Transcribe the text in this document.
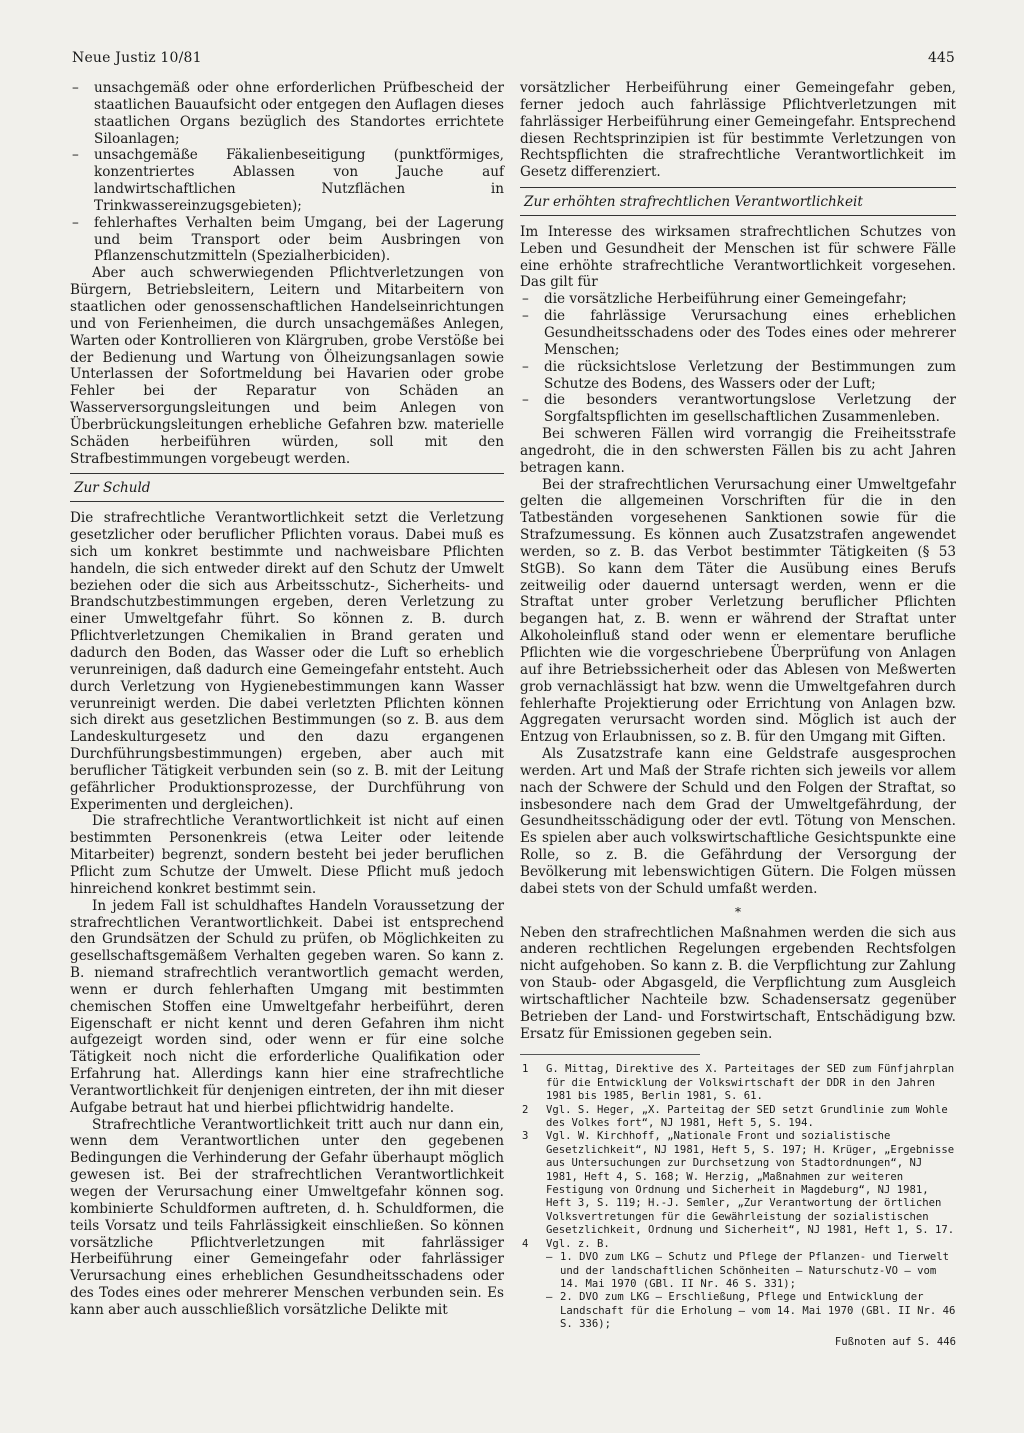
Neue Justiz 10/81	445
– unsachgemäß oder ohne erforderlichen Prüfbescheid der staatlichen Bauaufsicht oder entgegen den Auflagen dieses staatlichen Organs bezüglich des Standortes errichtete Siloanlagen;
– unsachgemäße Fäkalienbeseitigung (punktförmiges, konzentriertes Ablassen von Jauche auf landwirtschaftlichen Nutzflächen in Trinkwassereinzugsgebieten);
– fehlerhaftes Verhalten beim Umgang, bei der Lagerung und beim Transport oder beim Ausbringen von Pflanzenschutzmitteln (Spezialherbiciden).

Aber auch schwerwiegenden Pflichtverletzungen von Bürgern, Betriebsleitern, Leitern und Mitarbeitern von staatlichen oder genossenschaftlichen Handelseinrichtungen und von Ferienheimen, die durch unsachgemäßes Anlegen, Warten oder Kontrollieren von Klärgruben, grobe Verstöße bei der Bedienung und Wartung von Ölheizungsanlagen sowie Unterlassen der Sofortmeldung bei Havarien oder grobe Fehler bei der Reparatur von Schäden an Wasserversorgungsleitungen und beim Anlegen von Überbrückungsleitungen erhebliche Gefahren bzw. materielle Schäden herbeiführen würden, soll mit den Strafbestimmungen vorgebeugt werden.

Zur Schuld

Die strafrechtliche Verantwortlichkeit setzt die Verletzung gesetzlicher oder beruflicher Pflichten voraus. Dabei muß es sich um konkret bestimmte und nachweisbare Pflichten handeln, die sich entweder direkt auf den Schutz der Umwelt beziehen oder die sich aus Arbeitsschutz-, Sicherheits- und Brandschutzbestimmungen ergeben, deren Verletzung zu einer Umweltgefahr führt. So können z. B. durch Pflichtverletzungen Chemikalien in Brand geraten und dadurch den Boden, das Wasser oder die Luft so erheblich verunreinigen, daß dadurch eine Gemeingefahr entsteht. Auch durch Verletzung von Hygienebestimmungen kann Wasser verunreinigt werden. Die dabei verletzten Pflichten können sich direkt aus gesetzlichen Bestimmungen (so z. B. aus dem Landeskulturgesetz und den dazu ergangenen Durchführungsbestimmungen) ergeben, aber auch mit beruflicher Tätigkeit verbunden sein (so z. B. mit der Leitung gefährlicher Produktionsprozesse, der Durchführung von Experimenten und dergleichen).

Die strafrechtliche Verantwortlichkeit ist nicht auf einen bestimmten Personenkreis (etwa Leiter oder leitende Mitarbeiter) begrenzt, sondern besteht bei jeder beruflichen Pflicht zum Schutze der Umwelt. Diese Pflicht muß jedoch hinreichend konkret bestimmt sein.

In jedem Fall ist schuldhaftes Handeln Voraussetzung der strafrechtlichen Verantwortlichkeit. Dabei ist entsprechend den Grundsätzen der Schuld zu prüfen, ob Möglichkeiten zu gesellschaftsgemäßem Verhalten gegeben waren. So kann z. B. niemand strafrechtlich verantwortlich gemacht werden, wenn er durch fehlerhaften Umgang mit bestimmten chemischen Stoffen eine Umweltgefahr herbeiführt, deren Eigenschaft er nicht kennt und deren Gefahren ihm nicht aufgezeigt worden sind, oder wenn er für eine solche Tätigkeit noch nicht die erforderliche Qualifikation oder Erfahrung hat. Allerdings kann hier eine strafrechtliche Verantwortlichkeit für denjenigen eintreten, der ihn mit dieser Aufgabe betraut hat und hierbei pflichtwidrig handelte.

Strafrechtliche Verantwortlichkeit tritt auch nur dann ein, wenn dem Verantwortlichen unter den gegebenen Bedingungen die Verhinderung der Gefahr überhaupt möglich gewesen ist. Bei der strafrechtlichen Verantwortlichkeit wegen der Verursachung einer Umweltgefahr können sog. kombinierte Schuldformen auftreten, d. h. Schuldformen, die teils Vorsatz und teils Fahrlässigkeit einschließen. So können vorsätzliche Pflichtverletzungen mit fahrlässiger Herbeiführung einer Gemeingefahr oder fahrlässiger Verursachung eines erheblichen Gesundheitsschadens oder des Todes eines oder mehrerer Menschen verbunden sein. Es kann aber auch ausschließlich vorsätzliche Delikte mit

vorsätzlicher Herbeiführung einer Gemeingefahr geben, ferner jedoch auch fahrlässige Pflichtverletzungen mit fahrlässiger Herbeiführung einer Gemeingefahr. Entsprechend diesen Rechtsprinzipien ist für bestimmte Verletzungen von Rechtspflichten die strafrechtliche Verantwortlichkeit im Gesetz differenziert.

Zur erhöhten strafrechtlichen Verantwortlichkeit

Im Interesse des wirksamen strafrechtlichen Schutzes von Leben und Gesundheit der Menschen ist für schwere Fälle eine erhöhte strafrechtliche Verantwortlichkeit vorgesehen. Das gilt für

– die vorsätzliche Herbeiführung einer Gemeingefahr;
– die fahrlässige Verursachung eines erheblichen Gesundheitsschadens oder des Todes eines oder mehrerer Menschen;
– die rücksichtslose Verletzung der Bestimmungen zum Schutze des Bodens, des Wassers oder der Luft;
– die besonders verantwortungslose Verletzung der Sorgfaltspflichten im gesellschaftlichen Zusammenleben.

Bei schweren Fällen wird vorrangig die Freiheitsstrafe angedroht, die in den schwersten Fällen bis zu acht Jahren betragen kann.

Bei der strafrechtlichen Verursachung einer Umweltgefahr gelten die allgemeinen Vorschriften für die in den Tatbeständen vorgesehenen Sanktionen sowie für die Strafzumessung. Es können auch Zusatzstrafen angewendet werden, so z. B. das Verbot bestimmter Tätigkeiten (§ 53 StGB). So kann dem Täter die Ausübung eines Berufs zeitweilig oder dauernd untersagt werden, wenn er die Straftat unter grober Verletzung beruflicher Pflichten begangen hat, z. B. wenn er während der Straftat unter Alkoholeinfluß stand oder wenn er elementare berufliche Pflichten wie die vorgeschriebene Überprüfung von Anlagen auf ihre Betriebssicherheit oder das Ablesen von Meßwerten grob vernachlässigt hat bzw. wenn die Umweltgefahren durch fehlerhafte Projektierung oder Errichtung von Anlagen bzw. Aggregaten verursacht worden sind. Möglich ist auch der Entzug von Erlaubnissen, so z. B. für den Umgang mit Giften.

Als Zusatzstrafe kann eine Geldstrafe ausgesprochen werden. Art und Maß der Strafe richten sich jeweils vor allem nach der Schwere der Schuld und den Folgen der Straftat, so insbesondere nach dem Grad der Umweltgefährdung, der Gesundheitsschädigung oder der evtl. Tötung von Menschen. Es spielen aber auch volkswirtschaftliche Gesichtspunkte eine Rolle, so z. B. die Gefährdung der Versorgung der Bevölkerung mit lebenswichtigen Gütern. Die Folgen müssen dabei stets von der Schuld umfaßt werden.

*

Neben den strafrechtlichen Maßnahmen werden die sich aus anderen rechtlichen Regelungen ergebenden Rechtsfolgen nicht aufgehoben. So kann z. B. die Verpflichtung zur Zahlung von Staub- oder Abgasgeld, die Verpflichtung zum Ausgleich wirtschaftlicher Nachteile bzw. Schadensersatz gegenüber Betrieben der Land- und Forstwirtschaft, Entschädigung bzw. Ersatz für Emissionen gegeben sein.

1 G. Mittag, Direktive des X. Parteitages der SED zum Fünfjahrplan für die Entwicklung der Volkswirtschaft der DDR in den Jahren 1981 bis 1985, Berlin 1981, S. 61.

2 Vgl. S. Heger, „X. Parteitag der SED setzt Grundlinie zum Wohle des Volkes fort“, NJ 1981, Heft 5, S. 194.

3 Vgl. W. Kirchhoff, „Nationale Front und sozialistische Gesetzlichkeit“, NJ 1981, Heft 5, S. 197; H. Krüger, „Ergebnisse aus Untersuchungen zur Durchsetzung von Stadtordnungen“, NJ 1981, Heft 4, S. 168; W. Herzig, „Maßnahmen zur weiteren Festigung von Ordnung und Sicherheit in Magdeburg“, NJ 1981, Heft 3, S. 119; H.-J. Semler, „Zur Verantwortung der örtlichen Volksvertretungen für die Gewährleistung der sozialistischen Gesetzlichkeit, Ordnung und Sicherheit“, NJ 1981, Heft 1, S. 17.

4 Vgl. z. B.

– 1. DVO zum LKG – Schutz und Pflege der Pflanzen- und Tierwelt und der landschaftlichen Schönheiten – Naturschutz-VO – vom 14. Mai 1970 (GBl. II Nr. 46 S. 331);

– 2. DVO zum LKG – Erschließung, Pflege und Entwicklung der Landschaft für die Erholung – vom 14. Mai 1970 (GBl. II Nr. 46 S. 336);

Fußnoten auf S. 446
